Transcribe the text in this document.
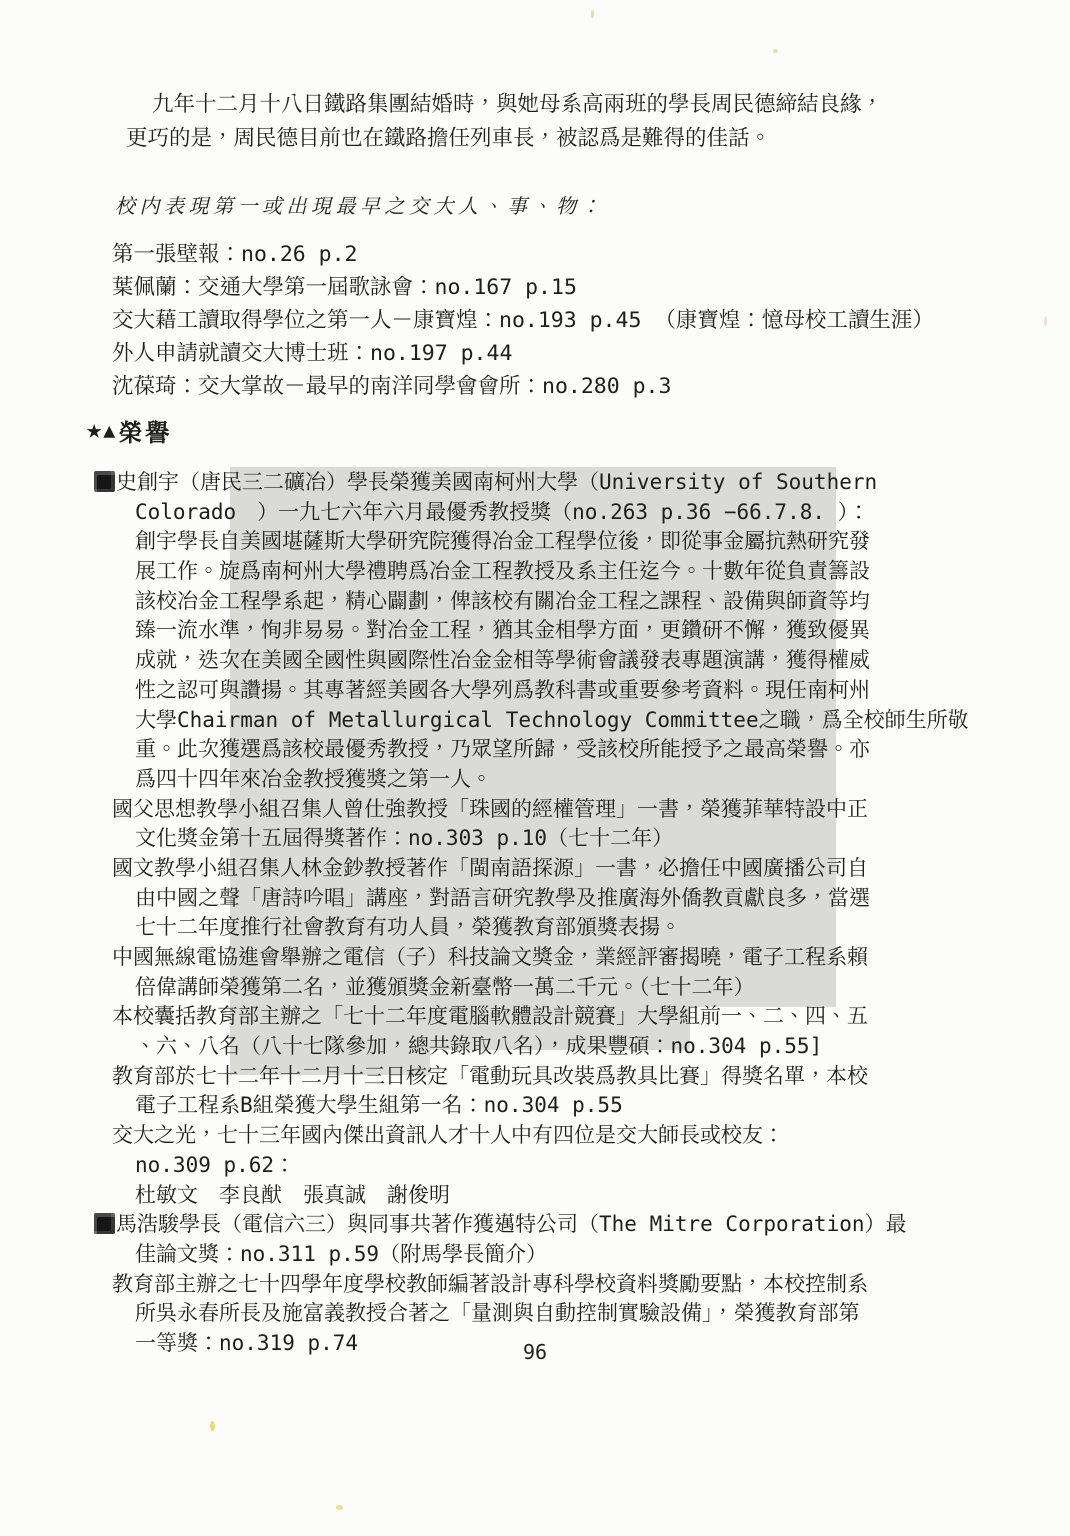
九年十二月十八日鐵路集團結婚時，與她母系高兩班的學長周民德締結良緣，
更巧的是，周民德目前也在鐵路擔任列車長，被認爲是難得的佳話。
校内表現第一或出現最早之交大人、事、物：
第一張壁報：no.26 p.2
葉佩蘭：交通大學第一屆歌詠會：no.167 p.15
交大藉工讀取得學位之第一人－康寶煌：no.193 p.45 （康寶煌：憶母校工讀生涯）
外人申請就讀交大博士班：no.197 p.44
沈葆琦：交大掌故－最早的南洋同學會會所：no.280 p.3
★ ▲ 榮譽
史創宇（唐民三二礦冶）學長榮獲美國南柯州大學（University of Southern
Colorado　）一九七六年六月最優秀教授獎（no.263 p.36 −66.7.8. ）：
創宇學長自美國堪薩斯大學研究院獲得冶金工程學位後，即從事金屬抗熱研究發
展工作。旋爲南柯州大學禮聘爲冶金工程教授及系主任迄今。十數年從負責籌設
該校冶金工程學系起，精心闢劃，俾該校有關冶金工程之課程、設備與師資等均
臻一流水準，恂非易易。對冶金工程，猶其金相學方面，更鑽研不懈，獲致優異
成就，迭次在美國全國性與國際性冶金金相等學術會議發表專題演講，獲得權威
性之認可與讚揚。其專著經美國各大學列爲教科書或重要參考資料。現任南柯州
大學Chairman of Metallurgical Technology Committee之職，爲全校師生所敬
重。此次獲選爲該校最優秀教授，乃眾望所歸，受該校所能授予之最高榮譽。亦
爲四十四年來冶金教授獲獎之第一人。
國父思想教學小組召集人曾仕強教授「珠國的經權管理」一書，榮獲菲華特設中正
文化獎金第十五屆得獎著作：no.303 p.10（七十二年）
國文教學小組召集人林金鈔教授著作「閩南語探源」一書，必擔任中國廣播公司自
由中國之聲「唐詩吟唱」講座，對語言研究教學及推廣海外僑教貢獻良多，當選
七十二年度推行社會教育有功人員，榮獲教育部頒獎表揚。
中國無線電協進會舉辦之電信（子）科技論文獎金，業經評審揭曉，電子工程系賴
倍偉講師榮獲第二名，並獲頒獎金新臺幣一萬二千元。（七十二年）
本校囊括教育部主辦之「七十二年度電腦軟體設計競賽」大學組前一、二、四、五
、六、八名（八十七隊參加，總共錄取八名），成果豐碩：no.304 p.55]
教育部於七十二年十二月十三日核定「電動玩具改裝爲教具比賽」得獎名單，本校
電子工程系B組榮獲大學生組第一名：no.304 p.55
交大之光，七十三年國內傑出資訊人才十人中有四位是交大師長或校友：
no.309 p.62：
杜敏文　李良猷　張真誠　謝俊明
馬浩駿學長（電信六三）與同事共著作獲邁特公司（The Mitre Corporation）最
佳論文獎：no.311 p.59（附馬學長簡介）
教育部主辦之七十四學年度學校教師編著設計專科學校資料獎勵要點，本校控制系
所吳永春所長及施富義教授合著之「量測與自動控制實驗設備」，榮獲教育部第
一等獎：no.319 p.74	96
